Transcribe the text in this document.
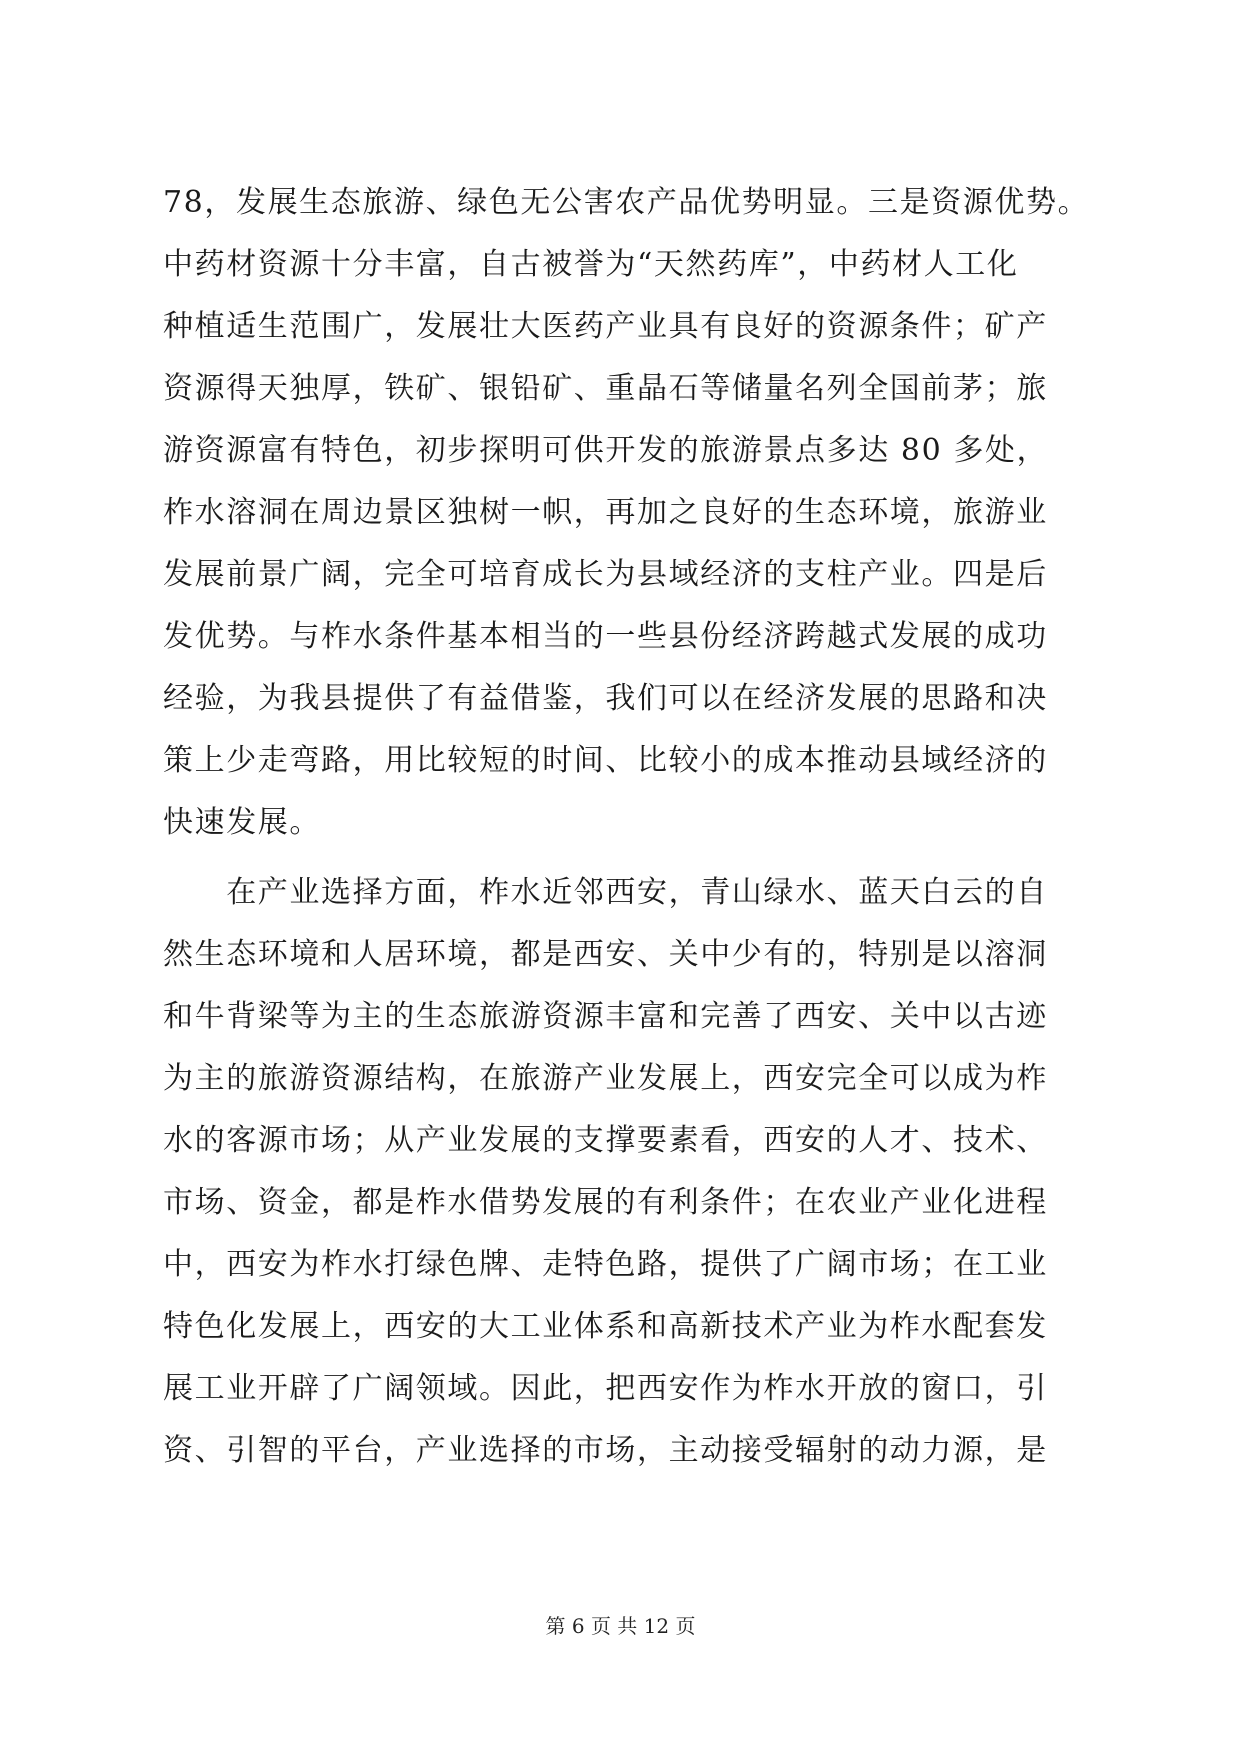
78，发展生态旅游、绿色无公害农产品优势明显。三是资源优势。
中药材资源十分丰富，自古被誉为“天然药库”，中药材人工化
种植适生范围广，发展壮大医药产业具有良好的资源条件；矿产
资源得天独厚，铁矿、银铅矿、重晶石等储量名列全国前茅；旅
游资源富有特色，初步探明可供开发的旅游景点多达 80 多处，
柞水溶洞在周边景区独树一帜，再加之良好的生态环境，旅游业
发展前景广阔，完全可培育成长为县域经济的支柱产业。四是后
发优势。与柞水条件基本相当的一些县份经济跨越式发展的成功
经验，为我县提供了有益借鉴，我们可以在经济发展的思路和决
策上少走弯路，用比较短的时间、比较小的成本推动县域经济的
快速发展。
　　在产业选择方面，柞水近邻西安，青山绿水、蓝天白云的自
然生态环境和人居环境，都是西安、关中少有的，特别是以溶洞
和牛背梁等为主的生态旅游资源丰富和完善了西安、关中以古迹
为主的旅游资源结构，在旅游产业发展上，西安完全可以成为柞
水的客源市场；从产业发展的支撑要素看，西安的人才、技术、
市场、资金，都是柞水借势发展的有利条件；在农业产业化进程
中，西安为柞水打绿色牌、走特色路，提供了广阔市场；在工业
特色化发展上，西安的大工业体系和高新技术产业为柞水配套发
展工业开辟了广阔领域。因此，把西安作为柞水开放的窗口，引
资、引智的平台，产业选择的市场，主动接受辐射的动力源，是
第 6 页 共 12 页
